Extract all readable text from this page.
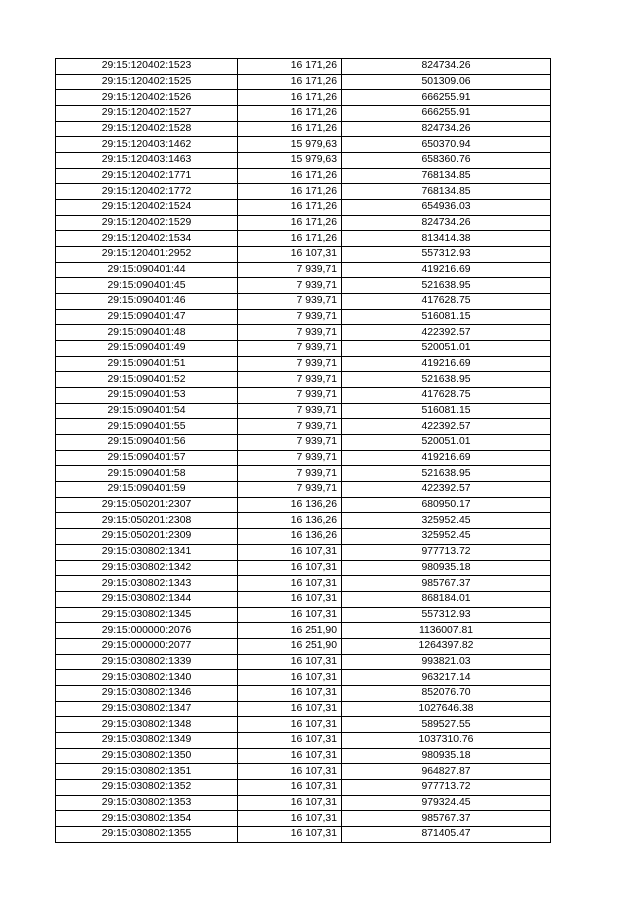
29:15:120402:1523	16 171,26	824734.26
29:15:120402:1525	16 171,26	501309.06
29:15:120402:1526	16 171,26	666255.91
29:15:120402:1527	16 171,26	666255.91
29:15:120402:1528	16 171,26	824734.26
29:15:120403:1462	15 979,63	650370.94
29:15:120403:1463	15 979,63	658360.76
29:15:120402:1771	16 171,26	768134.85
29:15:120402:1772	16 171,26	768134.85
29:15:120402:1524	16 171,26	654936.03
29:15:120402:1529	16 171,26	824734.26
29:15:120402:1534	16 171,26	813414.38
29:15:120401:2952	16 107,31	557312.93
29:15:090401:44	7 939,71	419216.69
29:15:090401:45	7 939,71	521638.95
29:15:090401:46	7 939,71	417628.75
29:15:090401:47	7 939,71	516081.15
29:15:090401:48	7 939,71	422392.57
29:15:090401:49	7 939,71	520051.01
29:15:090401:51	7 939,71	419216.69
29:15:090401:52	7 939,71	521638.95
29:15:090401:53	7 939,71	417628.75
29:15:090401:54	7 939,71	516081.15
29:15:090401:55	7 939,71	422392.57
29:15:090401:56	7 939,71	520051.01
29:15:090401:57	7 939,71	419216.69
29:15:090401:58	7 939,71	521638.95
29:15:090401:59	7 939,71	422392.57
29:15:050201:2307	16 136,26	680950.17
29:15:050201:2308	16 136,26	325952.45
29:15:050201:2309	16 136,26	325952.45
29:15:030802:1341	16 107,31	977713.72
29:15:030802:1342	16 107,31	980935.18
29:15:030802:1343	16 107,31	985767.37
29:15:030802:1344	16 107,31	868184.01
29:15:030802:1345	16 107,31	557312.93
29:15:000000:2076	16 251,90	1136007.81
29:15:000000:2077	16 251,90	1264397.82
29:15:030802:1339	16 107,31	993821.03
29:15:030802:1340	16 107,31	963217.14
29:15:030802:1346	16 107,31	852076.70
29:15:030802:1347	16 107,31	1027646.38
29:15:030802:1348	16 107,31	589527.55
29:15:030802:1349	16 107,31	1037310.76
29:15:030802:1350	16 107,31	980935.18
29:15:030802:1351	16 107,31	964827.87
29:15:030802:1352	16 107,31	977713.72
29:15:030802:1353	16 107,31	979324.45
29:15:030802:1354	16 107,31	985767.37
29:15:030802:1355	16 107,31	871405.47
